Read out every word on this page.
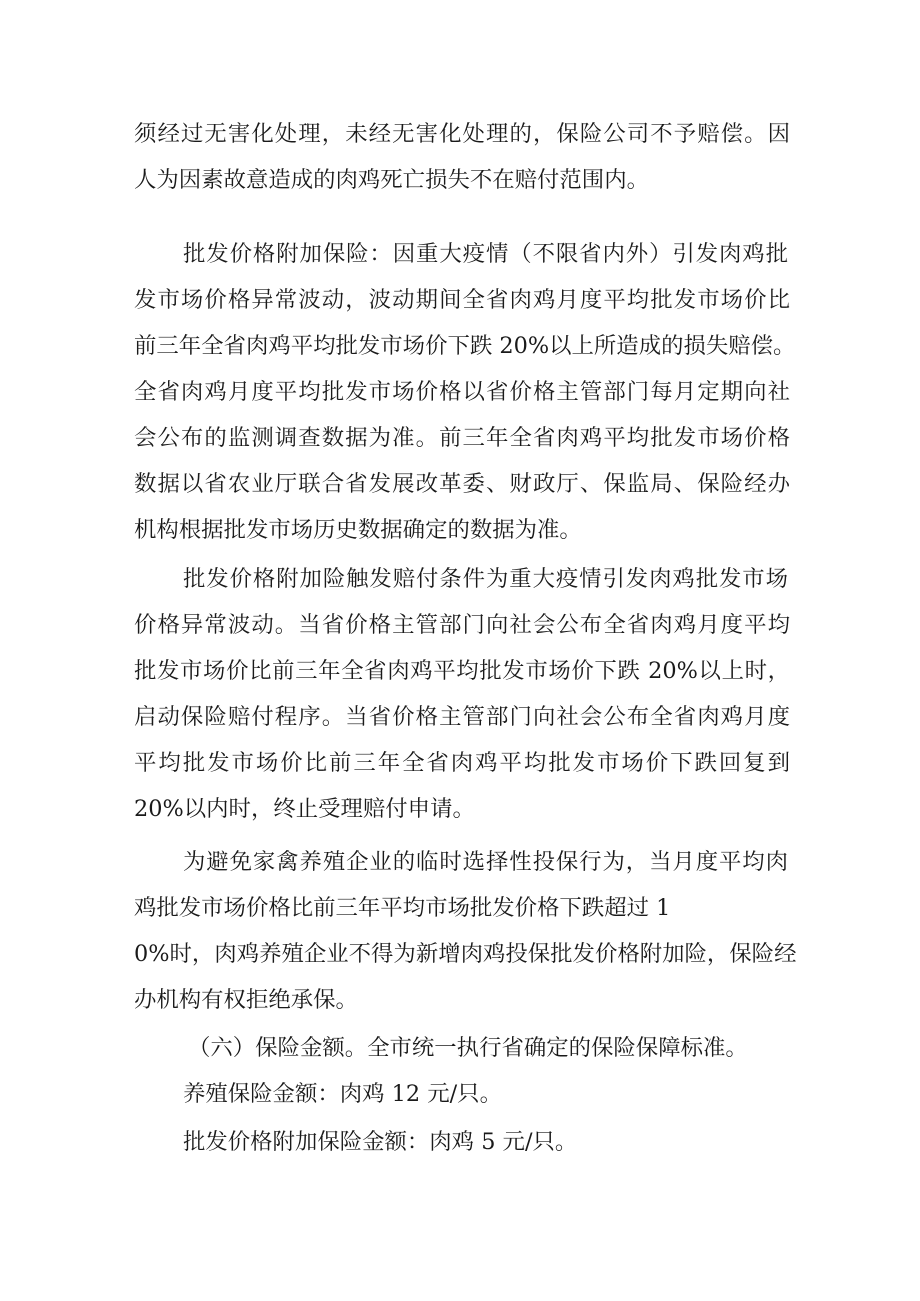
须经过无害化处理，未经无害化处理的，保险公司不予赔偿。因
人为因素故意造成的肉鸡死亡损失不在赔付范围内。
批发价格附加保险：因重大疫情（不限省内外）引发肉鸡批
发市场价格异常波动，波动期间全省肉鸡月度平均批发市场价比
前三年全省肉鸡平均批发市场价下跌 20%以上所造成的损失赔偿。
全省肉鸡月度平均批发市场价格以省价格主管部门每月定期向社
会公布的监测调查数据为准。前三年全省肉鸡平均批发市场价格
数据以省农业厅联合省发展改革委、财政厅、保监局、保险经办
机构根据批发市场历史数据确定的数据为准。
批发价格附加险触发赔付条件为重大疫情引发肉鸡批发市场
价格异常波动。当省价格主管部门向社会公布全省肉鸡月度平均
批发市场价比前三年全省肉鸡平均批发市场价下跌 20%以上时，
启动保险赔付程序。当省价格主管部门向社会公布全省肉鸡月度
平均批发市场价比前三年全省肉鸡平均批发市场价下跌回复到
20%以内时，终止受理赔付申请。
为避免家禽养殖企业的临时选择性投保行为，当月度平均肉
鸡批发市场价格比前三年平均市场批发价格下跌超过 1
0%时，肉鸡养殖企业不得为新增肉鸡投保批发价格附加险，保险经
办机构有权拒绝承保。
（六）保险金额。全市统一执行省确定的保险保障标准。
养殖保险金额：肉鸡 12 元/只。
批发价格附加保险金额：肉鸡 5 元/只。
